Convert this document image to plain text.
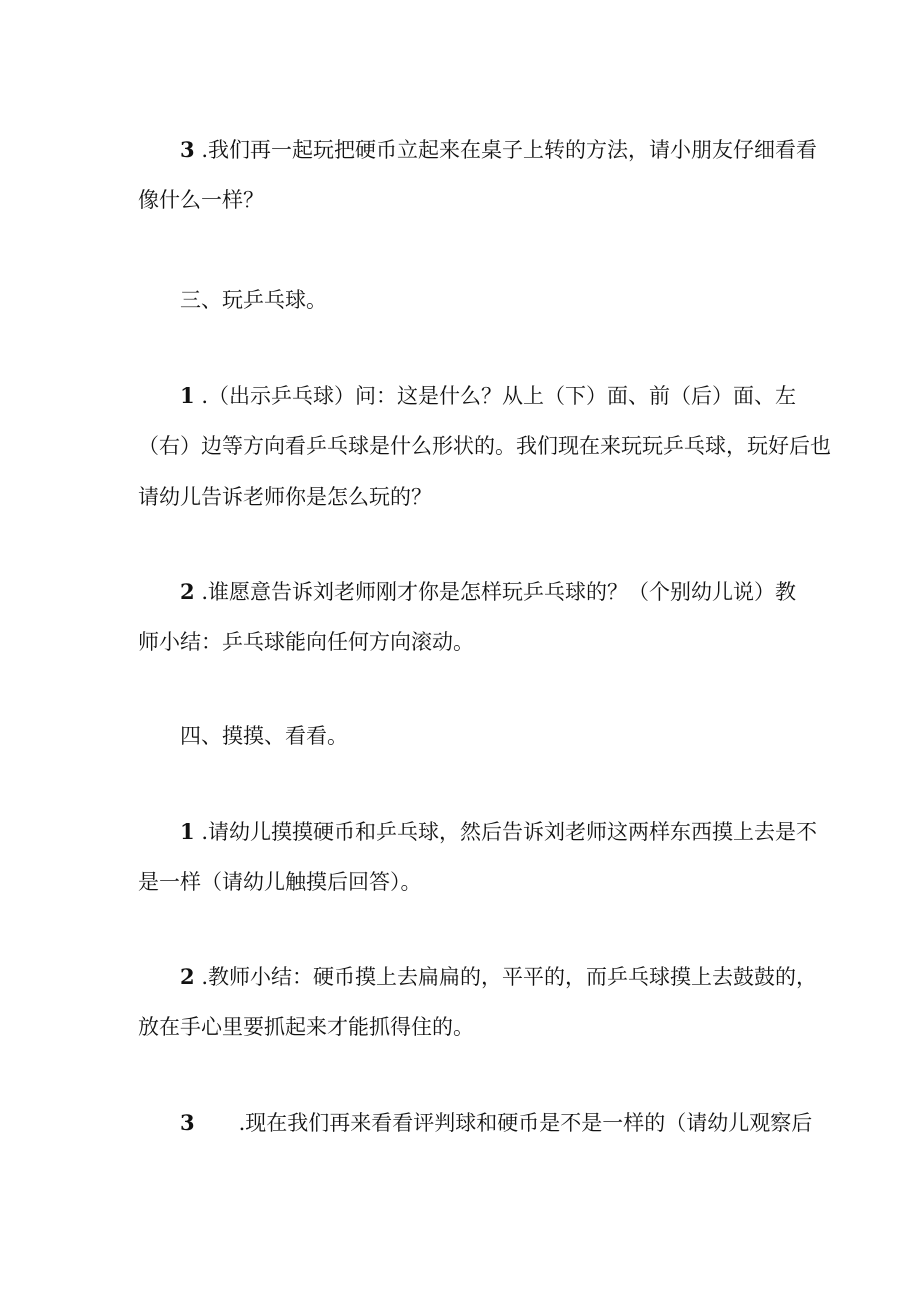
3 .我们再一起玩把硬币立起来在桌子上转的方法，请小朋友仔细看看
像什么一样？

三、玩乒乓球。

1 .（出示乒乓球）问：这是什么？从上（下）面、前（后）面、左
（右）边等方向看乒乓球是什么形状的。我们现在来玩玩乒乓球，玩好后也
请幼儿告诉老师你是怎么玩的？
2 .谁愿意告诉刘老师刚才你是怎样玩乒乓球的？（个别幼儿说）教
师小结：乒乓球能向任何方向滚动。

四、摸摸、看看。

1 .请幼儿摸摸硬币和乒乓球，然后告诉刘老师这两样东西摸上去是不
是一样（请幼儿触摸后回答）。
2 .教师小结：硬币摸上去扁扁的，平平的，而乒乓球摸上去鼓鼓的，
放在手心里要抓起来才能抓得住的。
3 .现在我们再来看看评判球和硬币是不是一样的（请幼儿观察后
